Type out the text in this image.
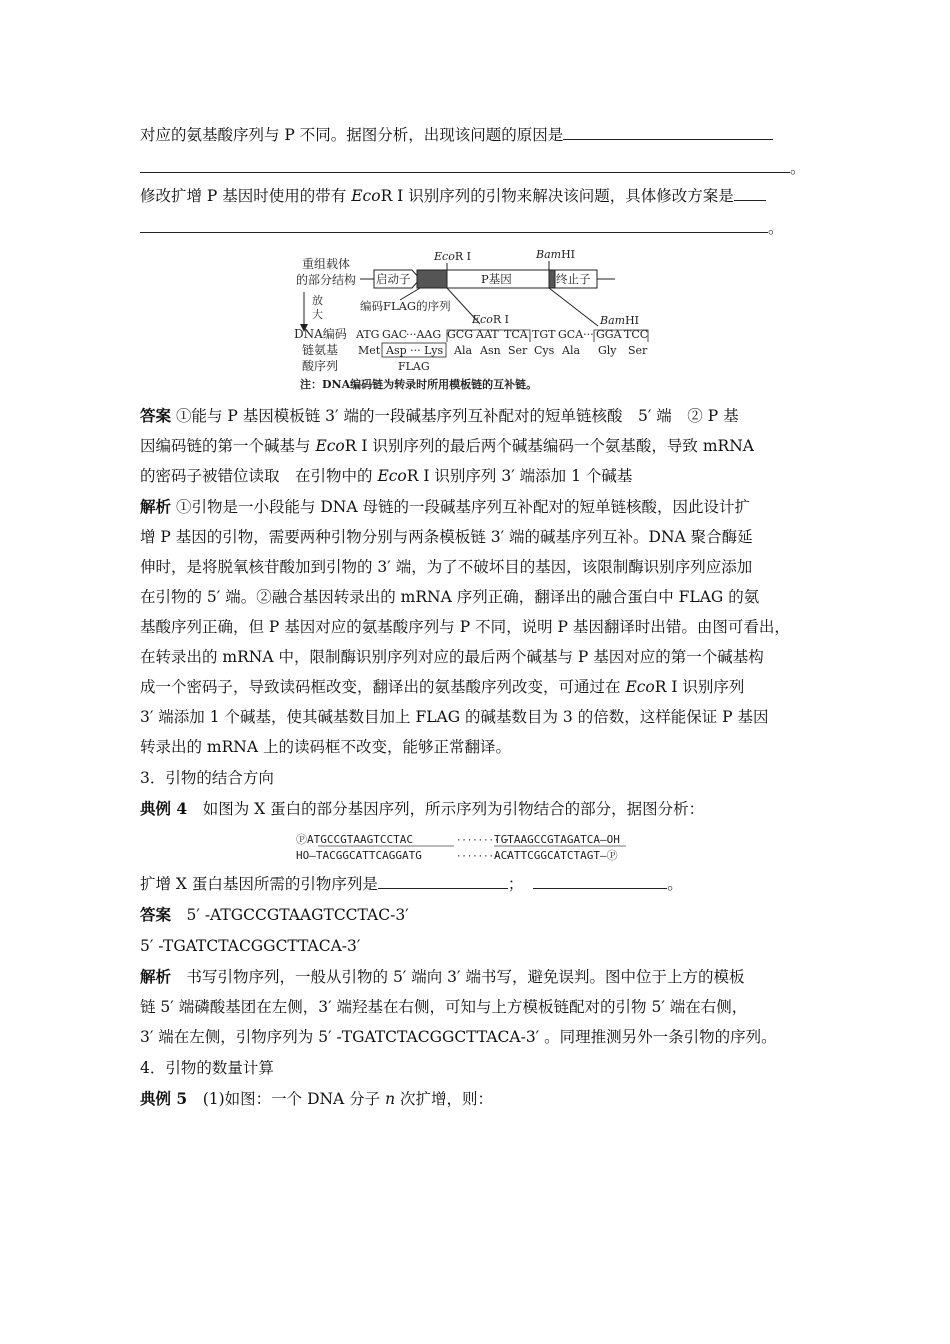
对应的氨基酸序列与 P 不同。据图分析，出现该问题的原因是
。
修改扩增 P 基因时使用的带有 EcoR Ⅰ 识别序列的引物来解决该问题，具体修改方案是
。
重组载体
的部分结构
EcoR Ⅰ	BamHⅠ
启动子	P基因	终止子
放
大
编码FLAG的序列
EcoR Ⅰ	BamHⅠ
DNA编码
链氨基
酸序列
ATG GAC
···AAG GCG AAT TCA TGT GCA··· GGA TCC
Met Asp ··· Lys Ala Asn Ser Cys Ala Gly Ser
FLAG
注：DNA编码链为转录时所用模板链的互补链。
答案 ①能与 P 基因模板链 3′ 端的一段碱基序列互补配对的短单链核酸　5′ 端　② P 基
因编码链的第一个碱基与 EcoR Ⅰ 识别序列的最后两个碱基编码一个氨基酸，导致 mRNA
的密码子被错位读取　在引物中的 EcoR Ⅰ 识别序列 3′ 端添加 1 个碱基
解析 ①引物是一小段能与 DNA 母链的一段碱基序列互补配对的短单链核酸，因此设计扩
增 P 基因的引物，需要两种引物分别与两条模板链 3′ 端的碱基序列互补。DNA 聚合酶延
伸时，是将脱氧核苷酸加到引物的 3′ 端，为了不破坏目的基因，该限制酶识别序列应添加
在引物的 5′ 端。②融合基因转录出的 mRNA 序列正确，翻译出的融合蛋白中 FLAG 的氨
基酸序列正确，但 P 基因对应的氨基酸序列与 P 不同，说明 P 基因翻译时出错。由图可看出，
在转录出的 mRNA 中，限制酶识别序列对应的最后两个碱基与 P 基因对应的第一个碱基构
成一个密码子，导致读码框改变，翻译出的氨基酸序列改变，可通过在 EcoR Ⅰ 识别序列
3′ 端添加 1 个碱基，使其碱基数目加上 FLAG 的碱基数目为 3 的倍数，这样能保证 P 基因
转录出的 mRNA 上的读码框不改变，能够正常翻译。
3．引物的结合方向
典例 4　如图为 X 蛋白的部分基因序列，所示序列为引物结合的部分，据图分析：
ⓅATGCCGTAAGTCCTAC	··········
TGTAAGCCGTAGATCA–OH
HO–TACGGCATTCAGGATG	··········
ACATTCGGCATCTAGT–Ⓟ
扩增 X 蛋白基因所需的引物序列是	；	。
答案　5′ -ATGCCGTAAGTCCTAC-3′
5′ -TGATCTACGGCTTACA-3′
解析　书写引物序列，一般从引物的 5′ 端向 3′ 端书写，避免误判。图中位于上方的模板
链 5′ 端磷酸基团在左侧，3′ 端羟基在右侧，可知与上方模板链配对的引物 5′ 端在右侧，
3′ 端在左侧，引物序列为 5′ -TGATCTACGGCTTACA-3′ 。同理推测另外一条引物的序列。
4．引物的数量计算
典例 5　(1)如图：一个 DNA 分子 n 次扩增，则：
